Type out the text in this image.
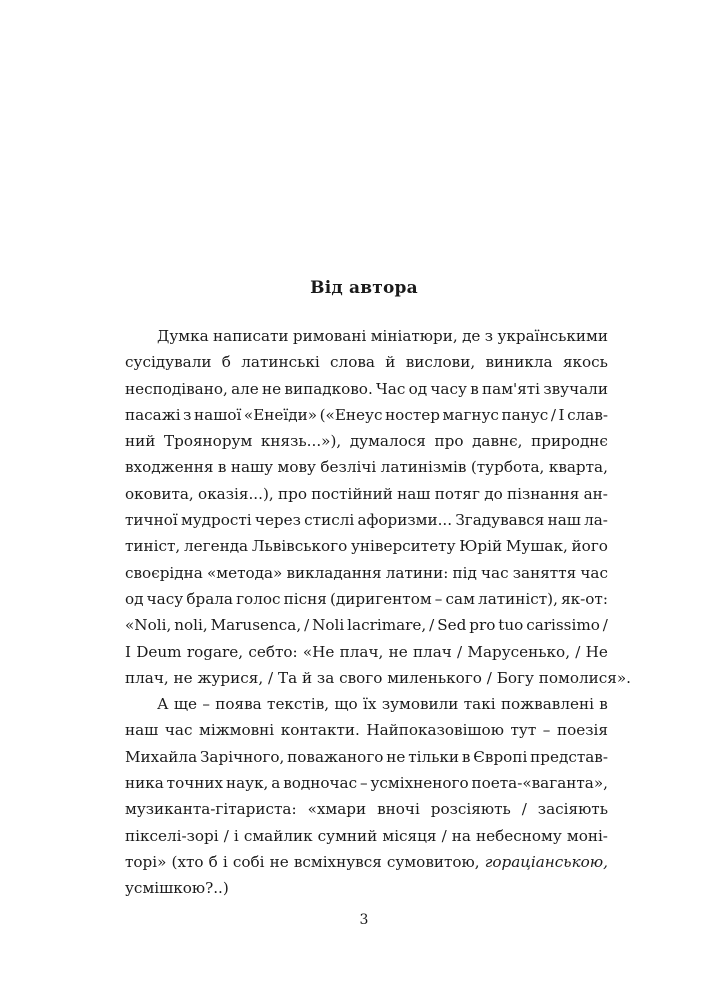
Від автора
Думка написати римовані мініатюри, де з українськими
сусідували б латинські слова й вислови, виникла якось
несподівано, але не випадково. Час од часу в пам'яті звучали
пасажі з нашої «Енеїди» («Енеус ностер магнус панус / І слав-
ний Троянорум князь...»), думалося про давнє, природнє
входження в нашу мову безлічі латинізмів (турбота, кварта,
оковита, оказія...), про постійний наш потяг до пізнання ан-
тичної мудрості через стислі афоризми... Згадувався наш ла-
тиніст, легенда Львівського університету Юрій Мушак, його
своєрідна «метода» викладання латини: під час заняття час
од часу брала голос пісня (диригентом – сам латиніст), як-от:
«Noli, noli, Marusenca, / Noli lacrimare, / Sed pro tuo carissimo /
I Deum rogare, себто: «Не плач, не плач / Марусенько, / Не
плач,
не
журися,
/
Та
й
за
свого
миленького
/
Богу
помолися».
А ще – поява текстів, що їх зумовили такі пожвавлені в
наш час міжмовні контакти. Найпоказовішою тут – поезія
Михайла Зарічного, поважаного не тільки в Європі представ-
ника точних наук, а водночас – усміхненого поета-«ваганта»,
музиканта-гітариста: «хмари вночі розсіяють / засіяють
пікселі-зорі / і смайлик сумний місяця / на небесному моні-
торі» (хто б і собі не всміхнувся сумовитою, горацiанською,
усмішкою?..)
3
